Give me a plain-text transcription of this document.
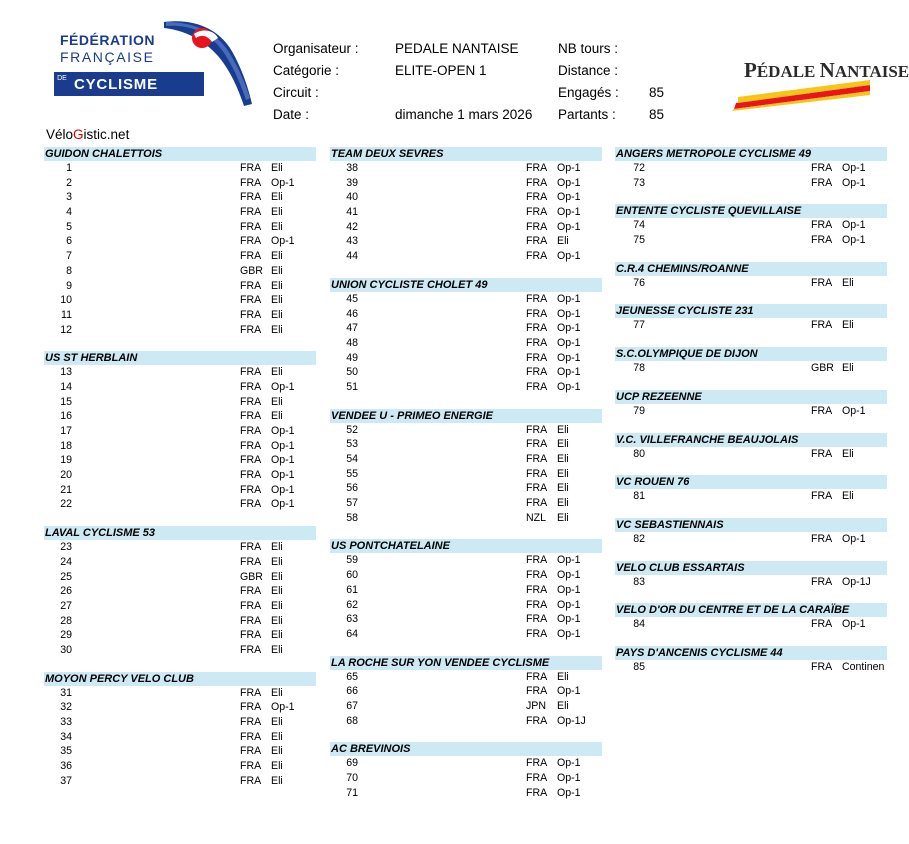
FÉDÉRATION
FRANÇAISE
DE CYCLISME
Organisateur :	PEDALE NANTAISE
Catégorie :	ELITE-OPEN 1
Circuit :
Date :	dimanche 1 mars 2026
NB tours :
Distance :
Engagés : 85
Partants : 85
PÉDALE NANTAISE
VéloGistic.net
GUIDON CHALETTOIS
1	FRA Eli
2	FRA Op-1
3	FRA Eli
4	FRA Eli
5	FRA Eli
6	FRA Op-1
7	FRA Eli
8	GBR Eli
9	FRA Eli
10	FRA Eli
11	FRA Eli
12	FRA Eli
US ST HERBLAIN
13	FRA Eli
14	FRA Op-1
15	FRA Eli
16	FRA Eli
17	FRA Op-1
18	FRA Op-1
19	FRA Op-1
20	FRA Op-1
21	FRA Op-1
22	FRA Op-1
LAVAL CYCLISME 53
23	FRA Eli
24	FRA Eli
25	GBR Eli
26	FRA Eli
27	FRA Eli
28	FRA Eli
29	FRA Eli
30	FRA Eli
MOYON PERCY VELO CLUB
31	FRA Eli
32	FRA Op-1
33	FRA Eli
34	FRA Eli
35	FRA Eli
36	FRA Eli
37	FRA Eli
TEAM DEUX SEVRES
38	FRA Op-1
39	FRA Op-1
40	FRA Op-1
41	FRA Op-1
42	FRA Op-1
43	FRA Eli
44	FRA Op-1
UNION CYCLISTE CHOLET 49
45	FRA Op-1
46	FRA Op-1
47	FRA Op-1
48	FRA Op-1
49	FRA Op-1
50	FRA Op-1
51	FRA Op-1
VENDEE U - PRIMEO ENERGIE
52	FRA Eli
53	FRA Eli
54	FRA Eli
55	FRA Eli
56	FRA Eli
57	FRA Eli
58	NZL Eli
US PONTCHATELAINE
59	FRA Op-1
60	FRA Op-1
61	FRA Op-1
62	FRA Op-1
63	FRA Op-1
64	FRA Op-1
LA ROCHE SUR YON VENDEE CYCLISME
65	FRA Eli
66	FRA Op-1
67	JPN Eli
68	FRA Op-1J
AC BREVINOIS
69	FRA Op-1
70	FRA Op-1
71	FRA Op-1
ANGERS METROPOLE CYCLISME 49
72	FRA Op-1
73	FRA Op-1
ENTENTE CYCLISTE QUEVILLAISE
74	FRA Op-1
75	FRA Op-1
C.R.4 CHEMINS/ROANNE
76	FRA Eli
JEUNESSE CYCLISTE 231
77	FRA Eli
S.C.OLYMPIQUE DE DIJON
78	GBR Eli
UCP REZEENNE
79	FRA Op-1
V.C. VILLEFRANCHE BEAUJOLAIS
80	FRA Eli
VC ROUEN 76
81	FRA Eli
VC SEBASTIENNAIS
82	FRA Op-1
VELO CLUB ESSARTAIS
83	FRA Op-1J
VELO D'OR DU CENTRE ET DE LA CARAÏBE
84	FRA Op-1
PAYS D'ANCENIS CYCLISME 44
85	FRA Continen
